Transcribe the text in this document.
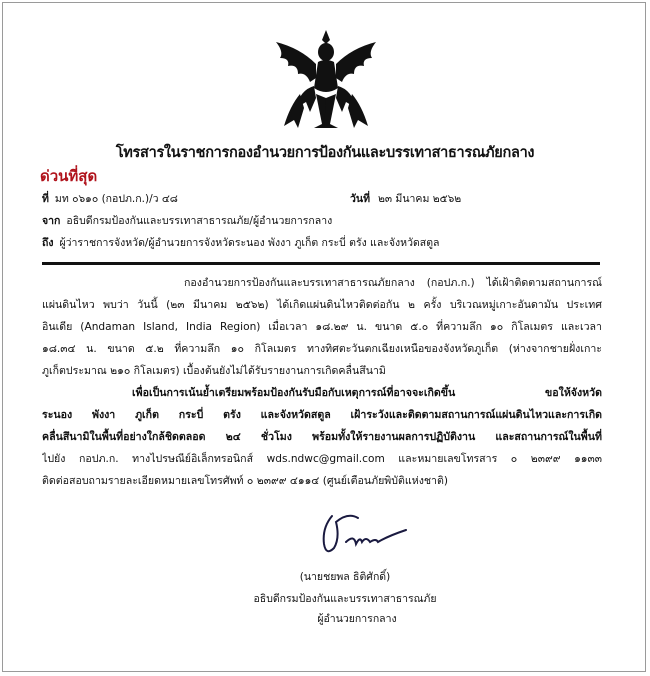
โทรสารในราชการกองอำนวยการป้องกันและบรรเทาสาธารณภัยกลาง
ด่วนที่สุด
ที่ มท ๐๖๑๐ (กอปภ.ก.)/ว ๔๘	วันที่ ๒๓ มีนาคม ๒๕๖๒
จาก อธิบดีกรมป้องกันและบรรเทาสาธารณภัย/ผู้อำนวยการกลาง
ถึง ผู้ว่าราชการจังหวัด/ผู้อำนวยการจังหวัดระนอง พังงา ภูเก็ต กระบี่ ตรัง และจังหวัดสตูล
กองอำนวยการป้องกันและบรรเทาสาธารณภัยกลาง (กอปภ.ก.) ได้เฝ้าติดตามสถานการณ์
แผ่นดินไหว พบว่า วันนี้ (๒๓ มีนาคม ๒๕๖๒) ได้เกิดแผ่นดินไหวติดต่อกัน ๒ ครั้ง บริเวณหมู่เกาะอันดามัน ประเทศ
อินเดีย (Andaman Island, India Region) เมื่อเวลา ๑๘.๒๙ น. ขนาด ๕.๐ ที่ความลึก ๑๐ กิโลเมตร และเวลา
๑๘.๓๔ น. ขนาด ๕.๒ ที่ความลึก ๑๐ กิโลเมตร ทางทิศตะวันตกเฉียงเหนือของจังหวัดภูเก็ต (ห่างจากชายฝั่งเกาะ
ภูเก็ตประมาณ ๒๑๐ กิโลเมตร) เบื้องต้นยังไม่ได้รับรายงานการเกิดคลื่นสึนามิ
เพื่อเป็นการเน้นย้ำเตรียมพร้อมป้องกันรับมือกับเหตุการณ์ที่อาจจะเกิดขึ้น ขอให้จังหวัด
ระนอง พังงา ภูเก็ต กระบี่ ตรัง และจังหวัดสตูล เฝ้าระวังและติดตามสถานการณ์แผ่นดินไหวและการเกิด
คลื่นสึนามิในพื้นที่อย่างใกล้ชิดตลอด ๒๔ ชั่วโมง พร้อมทั้งให้รายงานผลการปฏิบัติงาน และสถานการณ์ในพื้นที่
ไปยัง กอปภ.ก. ทางไปรษณีย์อิเล็กทรอนิกส์ wds.ndwc@gmail.com และหมายเลขโทรสาร ๐ ๒๓๙๙ ๑๑๓๓
ติดต่อสอบถามรายละเอียดหมายเลขโทรศัพท์ ๐ ๒๓๙๙ ๔๑๑๔ (ศูนย์เตือนภัยพิบัติแห่งชาติ)
(นายชยพล ธิติศักดิ์)
อธิบดีกรมป้องกันและบรรเทาสาธารณภัย
ผู้อำนวยการกลาง
